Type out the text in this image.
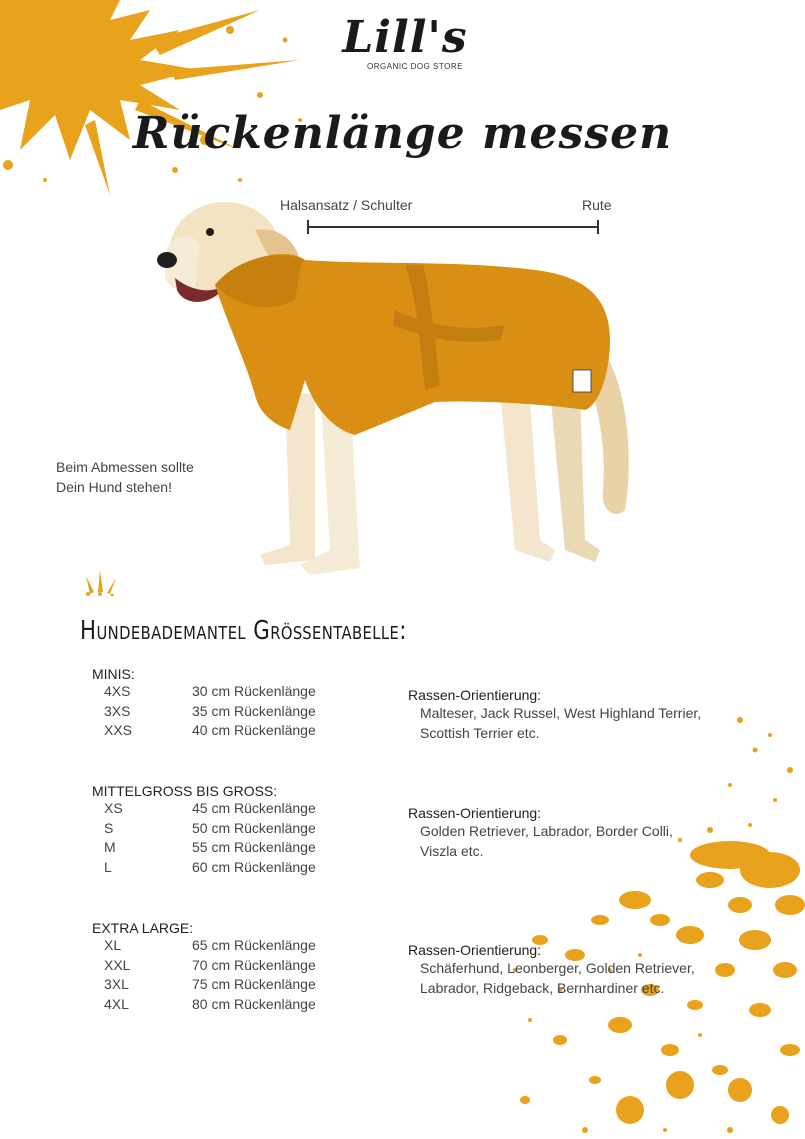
Lill's
ORGANIC DOG STORE
Rückenlänge messen
Halsansatz / Schulter	Rute
Beim Abmessen sollte
Dein Hund stehen!
Hundebademantel Größentabelle:
MINIS:
4XS	30 cm Rückenlänge
3XS	35 cm Rückenlänge
XXS	40 cm Rückenlänge
Rassen-Orientierung:
Malteser, Jack Russel, West Highland Terrier,
Scottish Terrier etc.
MITTELGROSS BIS GROSS:
XS	45 cm Rückenlänge
S	50 cm Rückenlänge
M	55 cm Rückenlänge
L	60 cm Rückenlänge
Rassen-Orientierung:
Golden Retriever, Labrador, Border Colli,
Viszla etc.
EXTRA LARGE:
XL	65 cm Rückenlänge
XXL	70 cm Rückenlänge
3XL	75 cm Rückenlänge
4XL	80 cm Rückenlänge
Rassen-Orientierung:
Schäferhund, Leonberger, Golden Retriever,
Labrador, Ridgeback, Bernhardiner etc.
